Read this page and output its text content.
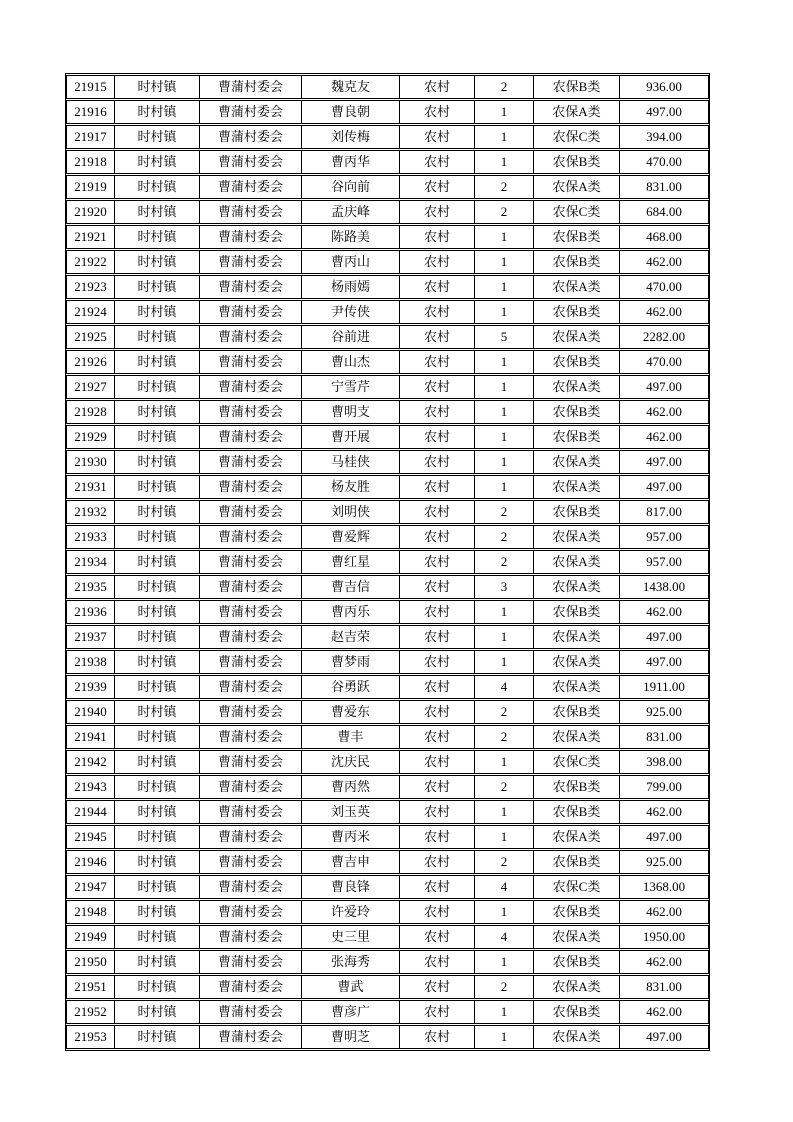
21915	时村镇	曹蒲村委会	魏克友	农村	2	农保B类	936.00
21916	时村镇	曹蒲村委会	曹良朝	农村	1	农保A类	497.00
21917	时村镇	曹蒲村委会	刘传梅	农村	1	农保C类	394.00
21918	时村镇	曹蒲村委会	曹丙华	农村	1	农保B类	470.00
21919	时村镇	曹蒲村委会	谷向前	农村	2	农保A类	831.00
21920	时村镇	曹蒲村委会	孟庆峰	农村	2	农保C类	684.00
21921	时村镇	曹蒲村委会	陈路美	农村	1	农保B类	468.00
21922	时村镇	曹蒲村委会	曹丙山	农村	1	农保B类	462.00
21923	时村镇	曹蒲村委会	杨雨嫣	农村	1	农保A类	470.00
21924	时村镇	曹蒲村委会	尹传侠	农村	1	农保B类	462.00
21925	时村镇	曹蒲村委会	谷前进	农村	5	农保A类	2282.00
21926	时村镇	曹蒲村委会	曹山杰	农村	1	农保B类	470.00
21927	时村镇	曹蒲村委会	宁雪芹	农村	1	农保A类	497.00
21928	时村镇	曹蒲村委会	曹明支	农村	1	农保B类	462.00
21929	时村镇	曹蒲村委会	曹开展	农村	1	农保B类	462.00
21930	时村镇	曹蒲村委会	马桂侠	农村	1	农保A类	497.00
21931	时村镇	曹蒲村委会	杨友胜	农村	1	农保A类	497.00
21932	时村镇	曹蒲村委会	刘明侠	农村	2	农保B类	817.00
21933	时村镇	曹蒲村委会	曹爱辉	农村	2	农保A类	957.00
21934	时村镇	曹蒲村委会	曹红星	农村	2	农保A类	957.00
21935	时村镇	曹蒲村委会	曹吉信	农村	3	农保A类	1438.00
21936	时村镇	曹蒲村委会	曹丙乐	农村	1	农保B类	462.00
21937	时村镇	曹蒲村委会	赵吉荣	农村	1	农保A类	497.00
21938	时村镇	曹蒲村委会	曹梦雨	农村	1	农保A类	497.00
21939	时村镇	曹蒲村委会	谷勇跃	农村	4	农保A类	1911.00
21940	时村镇	曹蒲村委会	曹爱东	农村	2	农保B类	925.00
21941	时村镇	曹蒲村委会	曹丰	农村	2	农保A类	831.00
21942	时村镇	曹蒲村委会	沈庆民	农村	1	农保C类	398.00
21943	时村镇	曹蒲村委会	曹丙然	农村	2	农保B类	799.00
21944	时村镇	曹蒲村委会	刘玉英	农村	1	农保B类	462.00
21945	时村镇	曹蒲村委会	曹丙米	农村	1	农保A类	497.00
21946	时村镇	曹蒲村委会	曹吉申	农村	2	农保B类	925.00
21947	时村镇	曹蒲村委会	曹良锋	农村	4	农保C类	1368.00
21948	时村镇	曹蒲村委会	许爱玲	农村	1	农保B类	462.00
21949	时村镇	曹蒲村委会	史三里	农村	4	农保A类	1950.00
21950	时村镇	曹蒲村委会	张海秀	农村	1	农保B类	462.00
21951	时村镇	曹蒲村委会	曹武	农村	2	农保A类	831.00
21952	时村镇	曹蒲村委会	曹彦广	农村	1	农保B类	462.00
21953	时村镇	曹蒲村委会	曹明芝	农村	1	农保A类	497.00
